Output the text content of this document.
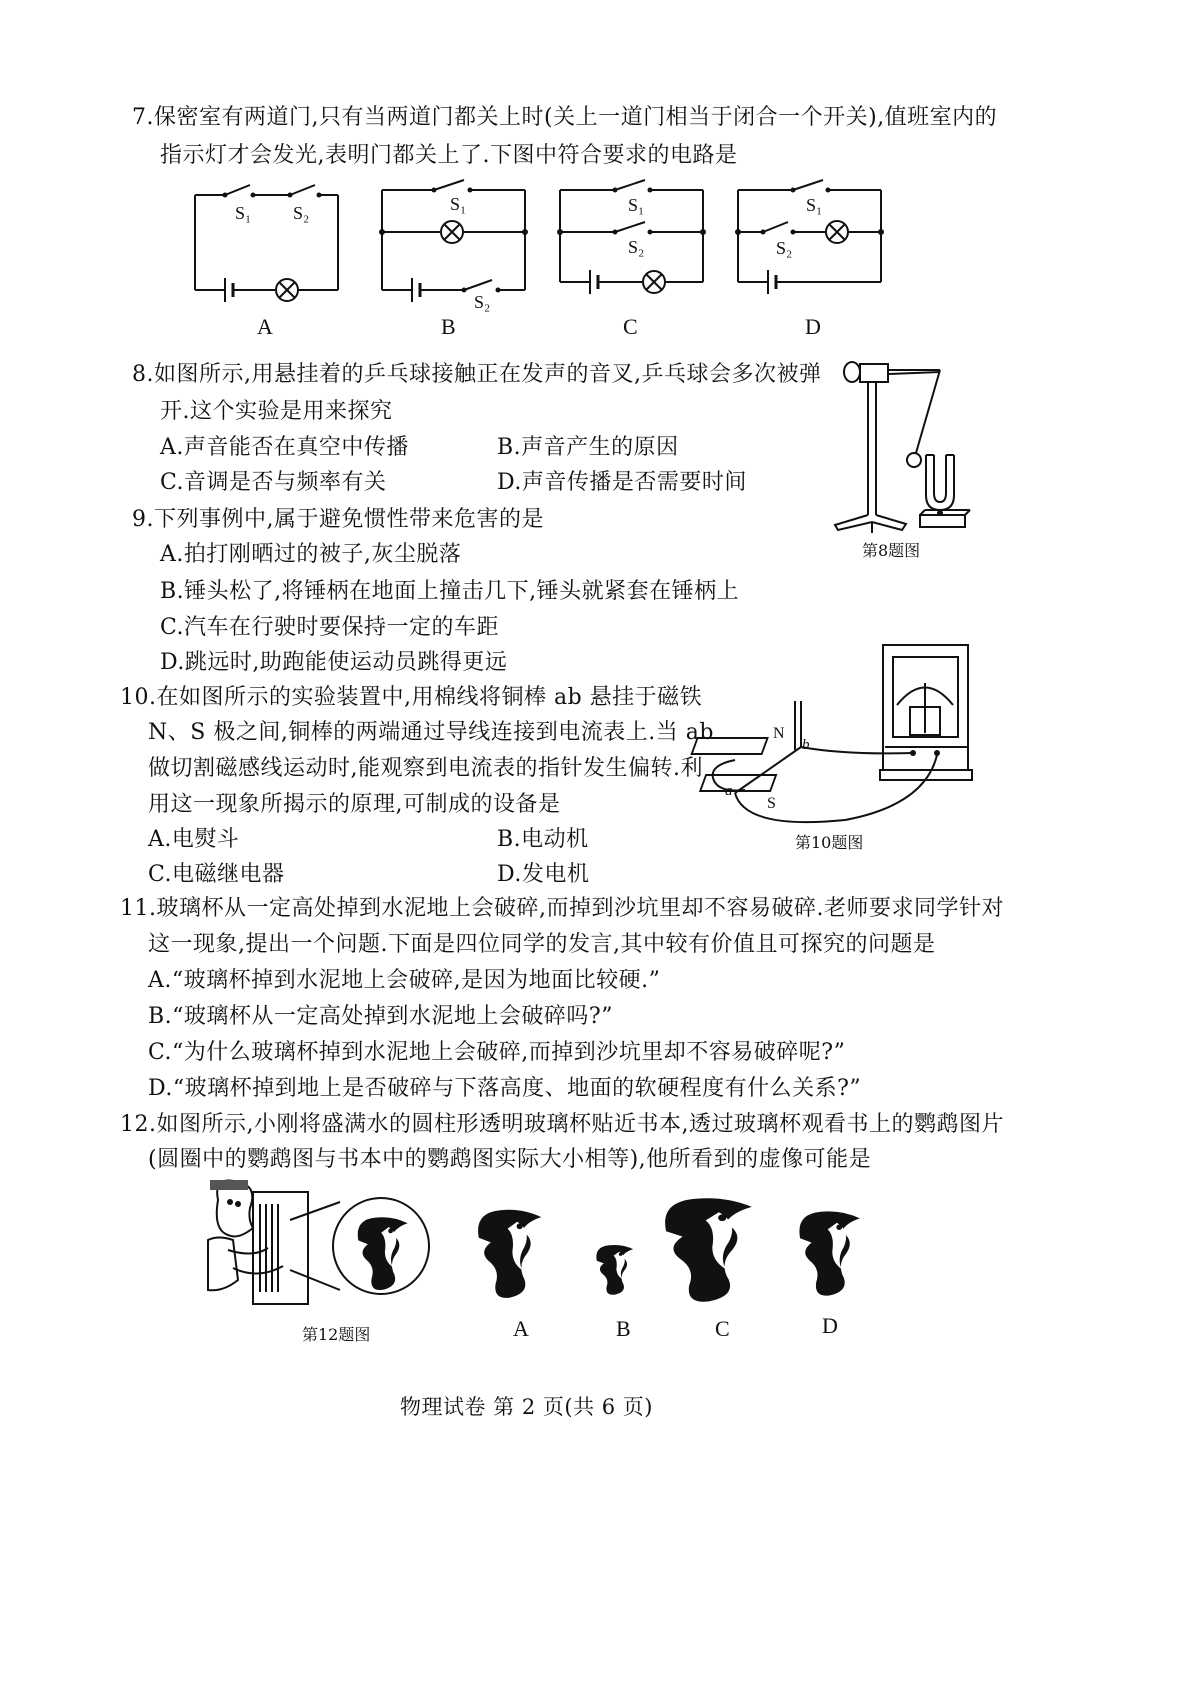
7.保密室有两道门,只有当两道门都关上时(关上一道门相当于闭合一个开关),值班室内的
指示灯才会发光,表明门都关上了.下图中符合要求的电路是
S₁ S₂
A
S₁
S₂
B
S₁
S₂
C
S₁
S₂
D
8.如图所示,用悬挂着的乒乓球接触正在发声的音叉,乒乓球会多次被弹
开.这个实验是用来探究
A.声音能否在真空中传播	B.声音产生的原因
C.音调是否与频率有关	D.声音传播是否需要时间
第8题图
9.下列事例中,属于避免惯性带来危害的是
A.拍打刚晒过的被子,灰尘脱落
B.锤头松了,将锤柄在地面上撞击几下,锤头就紧套在锤柄上
C.汽车在行驶时要保持一定的车距
D.跳远时,助跑能使运动员跳得更远
10.在如图所示的实验装置中,用棉线将铜棒 ab 悬挂于磁铁
N、S 极之间,铜棒的两端通过导线连接到电流表上.当 ab
做切割磁感线运动时,能观察到电流表的指针发生偏转.利
用这一现象所揭示的原理,可制成的设备是
A.电熨斗	B.电动机
C.电磁继电器	D.发电机
N
S
a
b
第10题图
11.玻璃杯从一定高处掉到水泥地上会破碎,而掉到沙坑里却不容易破碎.老师要求同学针对
这一现象,提出一个问题.下面是四位同学的发言,其中较有价值且可探究的问题是
A.“玻璃杯掉到水泥地上会破碎,是因为地面比较硬.”
B.“玻璃杯从一定高处掉到水泥地上会破碎吗?”
C.“为什么玻璃杯掉到水泥地上会破碎,而掉到沙坑里却不容易破碎呢?”
D.“玻璃杯掉到地上是否破碎与下落高度、地面的软硬程度有什么关系?”
12.如图所示,小刚将盛满水的圆柱形透明玻璃杯贴近书本,透过玻璃杯观看书上的鹦鹉图片
(圆圈中的鹦鹉图与书本中的鹦鹉图实际大小相等),他所看到的虚像可能是
第12题图	A	B	C	D
物理试卷 第 2 页(共 6 页)
